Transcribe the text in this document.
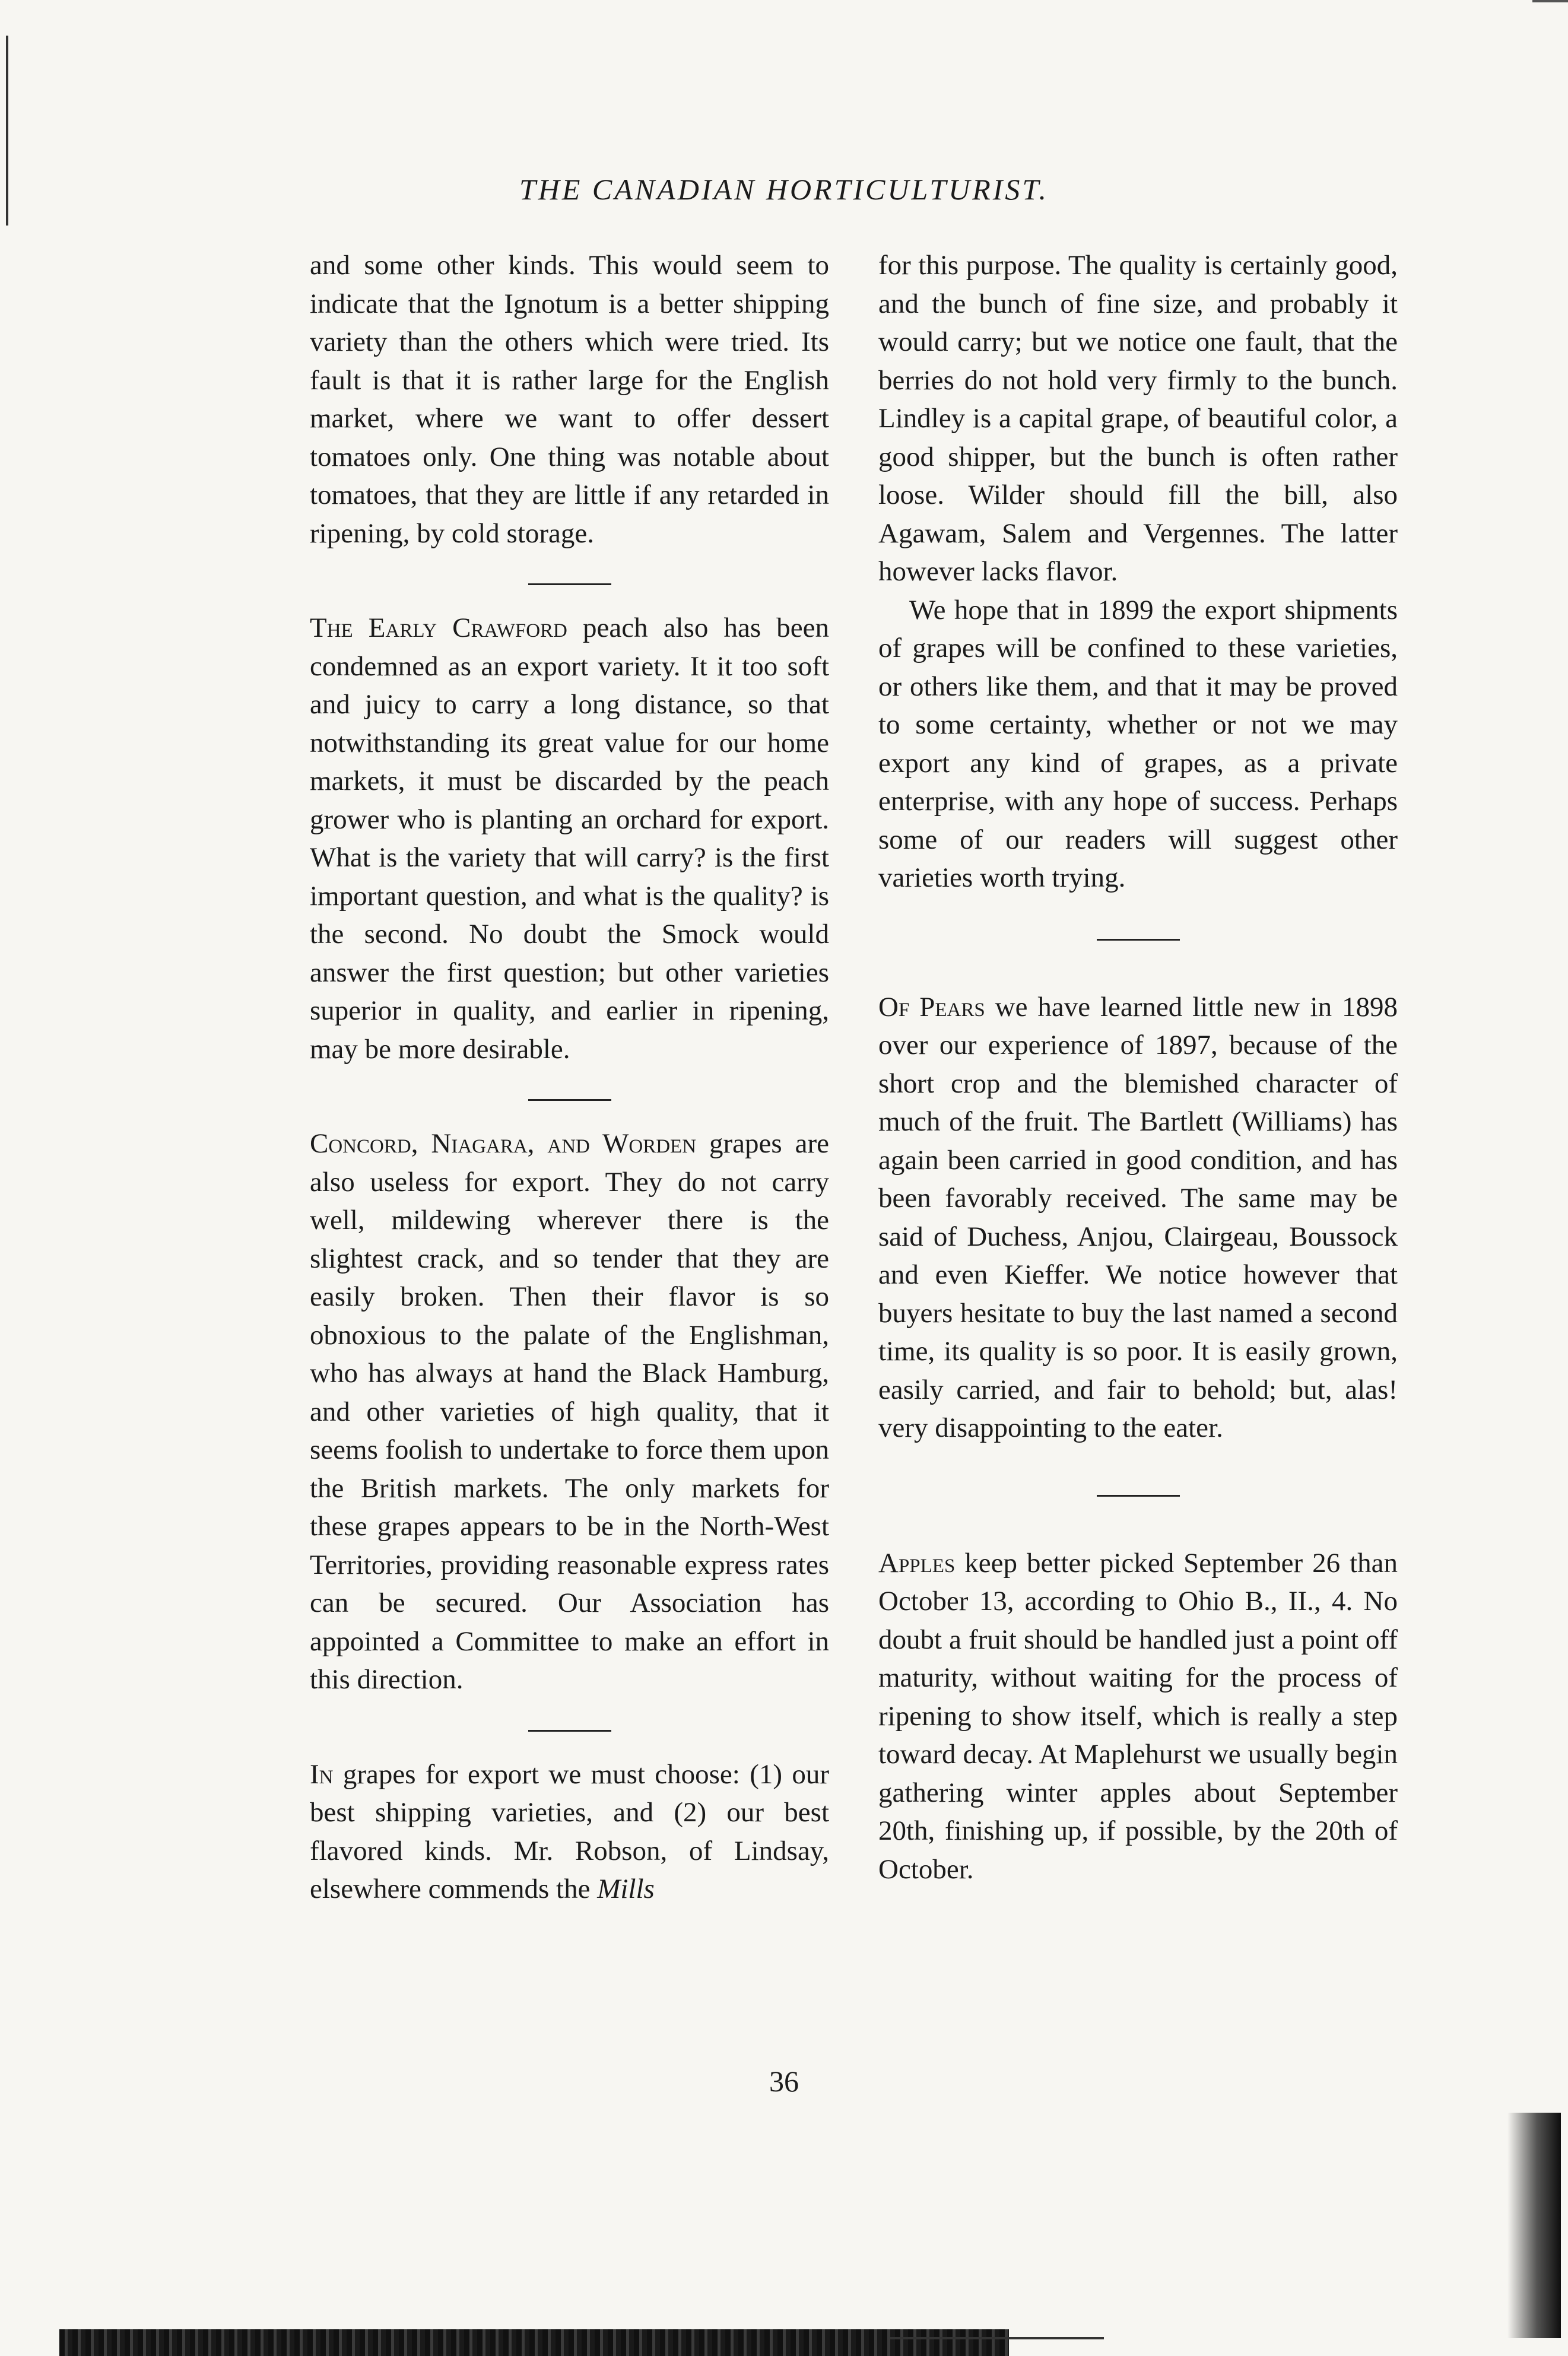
THE CANADIAN HORTICULTURIST.

and some other kinds. This would seem to indicate that the Ignotum is a better shipping variety than the others which were tried. Its fault is that it is rather large for the English market, where we want to offer dessert tomatoes only. One thing was notable about tomatoes, that they are little if any retarded in ripening, by cold storage.

The Early Crawford peach also has been condemned as an export variety. It it too soft and juicy to carry a long distance, so that notwithstanding its great value for our home markets, it must be discarded by the peach grower who is planting an orchard for export. What is the variety that will carry? is the first important question, and what is the quality? is the second. No doubt the Smock would answer the first question; but other varieties superior in quality, and earlier in ripening, may be more desirable.

Concord, Niagara, and Worden grapes are also useless for export. They do not carry well, mildewing wherever there is the slightest crack, and so tender that they are easily broken. Then their flavor is so obnoxious to the palate of the Englishman, who has always at hand the Black Hamburg, and other varieties of high quality, that it seems foolish to undertake to force them upon the British markets. The only markets for these grapes appears to be in the North-West Territories, providing reasonable express rates can be secured. Our Association has appointed a Committee to make an effort in this direction.

In grapes for export we must choose: (1) our best shipping varieties, and (2) our best flavored kinds. Mr. Robson, of Lindsay, elsewhere commends the Mills

for this purpose. The quality is certainly good, and the bunch of fine size, and probably it would carry; but we notice one fault, that the berries do not hold very firmly to the bunch. Lindley is a capital grape, of beautiful color, a good shipper, but the bunch is often rather loose. Wilder should fill the bill, also Agawam, Salem and Vergennes. The latter however lacks flavor.

We hope that in 1899 the export shipments of grapes will be confined to these varieties, or others like them, and that it may be proved to some certainty, whether or not we may export any kind of grapes, as a private enterprise, with any hope of success. Perhaps some of our readers will suggest other varieties worth trying.

Of Pears we have learned little new in 1898 over our experience of 1897, because of the short crop and the blemished character of much of the fruit. The Bartlett (Williams) has again been carried in good condition, and has been favorably received. The same may be said of Duchess, Anjou, Clairgeau, Boussock and even Kieffer. We notice however that buyers hesitate to buy the last named a second time, its quality is so poor. It is easily grown, easily carried, and fair to behold; but, alas! very disappointing to the eater.

Apples keep better picked September 26 than October 13, according to Ohio B., II., 4. No doubt a fruit should be handled just a point off maturity, without waiting for the process of ripening to show itself, which is really a step toward decay. At Maplehurst we usually begin gathering winter apples about September 20th, finishing up, if possible, by the 20th of October.

36
